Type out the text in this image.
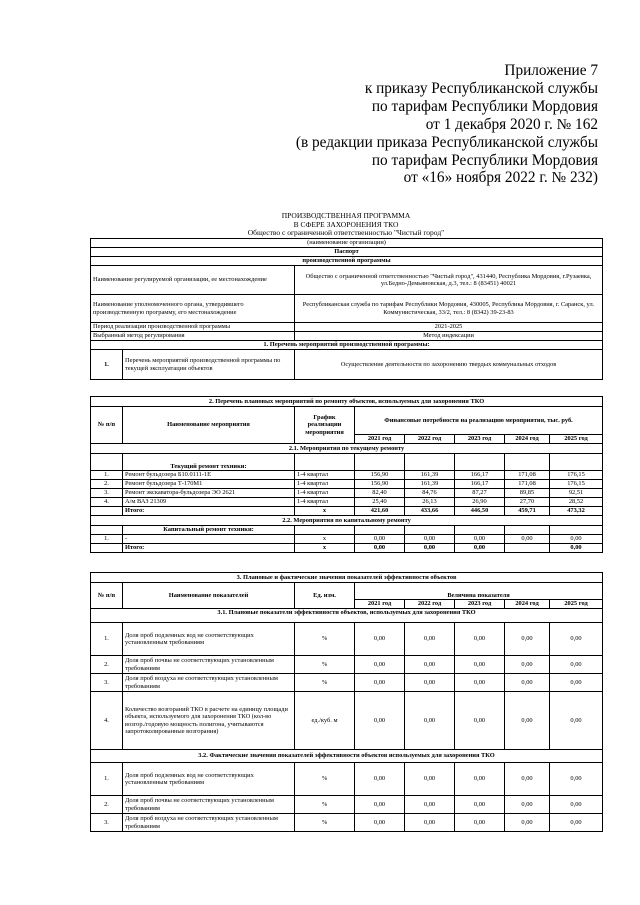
Приложение 7
к приказу Республиканской службы
по тарифам Республики Мордовия
от 1 декабря 2020 г. № 162
(в редакции приказа Республиканской службы
по тарифам Республики Мордовия
от «16» ноября 2022 г. № 232)
ПРОИЗВОДСТВЕННАЯ ПРОГРАММА
В СФЕРЕ ЗАХОРОНЕНИЯ ТКО
Общество с ограниченной ответственностью "Чистый город"
(наименование организации)		
Паспорт		
производственной программы		
Наименование регулируемой организации, ее местонахождение		Общество с ограниченной ответственностью "Чистый город", 431440, Республика Мордовия, г.Рузаевка, ул.Бедно-Демьяновская, д.3, тел.: 8 (83451) 40021
Наименование уполномоченного органа, утвердившего производственную программу, его местонахождение		Республиканская служба по тарифам Республики Мордовия, 430005, Республика Мордовия, г. Саранск, ул. Коммунистическая, 33/2, тел.: 8 (8342) 39-23-83
Период реализации производственной программы		2021-2025
Выбранный метод регулирования		Метод индексации
1. Перечень мероприятий производственной программы:		
1.	Перечень мероприятий производственной программы по текущей эксплуатации объектов	Осуществление деятельности по захоронению твердых коммунальных отходов
2. Перечень плановых мероприятий по ремонту объектов, используемых для захоронения ТКО							
№ п/п	Наименование мероприятия	График реализации мероприятия	Финансовые потребности на реализацию мероприятия, тыс. руб.				
			2021 год	2022 год	2023 год	2024 год	2025 год
2.1. Мероприятия по текущему ремонту							
	Текущий ремонт техники:						
1.	Ремонт бульдозера Б10.0111-1Е	1-4 квартал	156,90	161,39	166,17	171,08	176,15
2.	Ремонт бульдозера Т-170М1	1-4 квартал	156,90	161,39	166,17	171,08	176,15
3.	Ремонт экскаватора-бульдозера ЭО 2621	1-4 квартал	82,40	84,76	87,27	89,85	92,51
4.	А/м ВАЗ 21309	1-4 квартал	25,40	26,13	26,90	27,70	28,52
	Итого:	х	421,60	433,66	446,50	459,71	473,32
2.2. Мероприятия по капитальному ремонту							
	Капитальный ремонт техники:						
1.	-	х	0,00	0,00	0,00	0,00	0,00
	Итого:	х	0,00	0,00	0,00		0,00
3. Плановые и фактические значения показателей эффективности объектов							
№ п/п	Наименование показателей	Ед. изм.	Величина показателя				
			2021 год	2022 год	2023 год	2024 год	2025 год
3.1. Плановые показатели эффективности объектов, используемых для захоронения ТКО							
1.	Доля проб подземных вод не соответствующих установленным требованиям	%	0,00	0,00	0,00	0,00	0,00
2.	Доля проб почвы не соответствующих установленным требованиям	%	0,00	0,00	0,00	0,00	0,00
3.	Доля проб воздуха не соответствующих установленным требованиям	%	0,00	0,00	0,00	0,00	0,00
4.	Количество возгораний ТКО в расчете на единицу площади объекта, используемого для захоронения ТКО (кол-во возгор./годовую мощность полигона, учитываются запротоколированные возгорания)	ед./куб. м	0,00	0,00	0,00	0,00	0,00
3.2. Фактические значения показателей эффективности объектов используемых для захоронения ТКО							
1.	Доля проб подземных вод не соответствующих установленным требованиям	%	0,00	0,00	0,00	0,00	0,00
2.	Доля проб почвы не соответствующих установленным требованиям	%	0,00	0,00	0,00	0,00	0,00
3.	Доля проб воздуха не соответствующих установленным требованиям	%	0,00	0,00	0,00	0,00	0,00
